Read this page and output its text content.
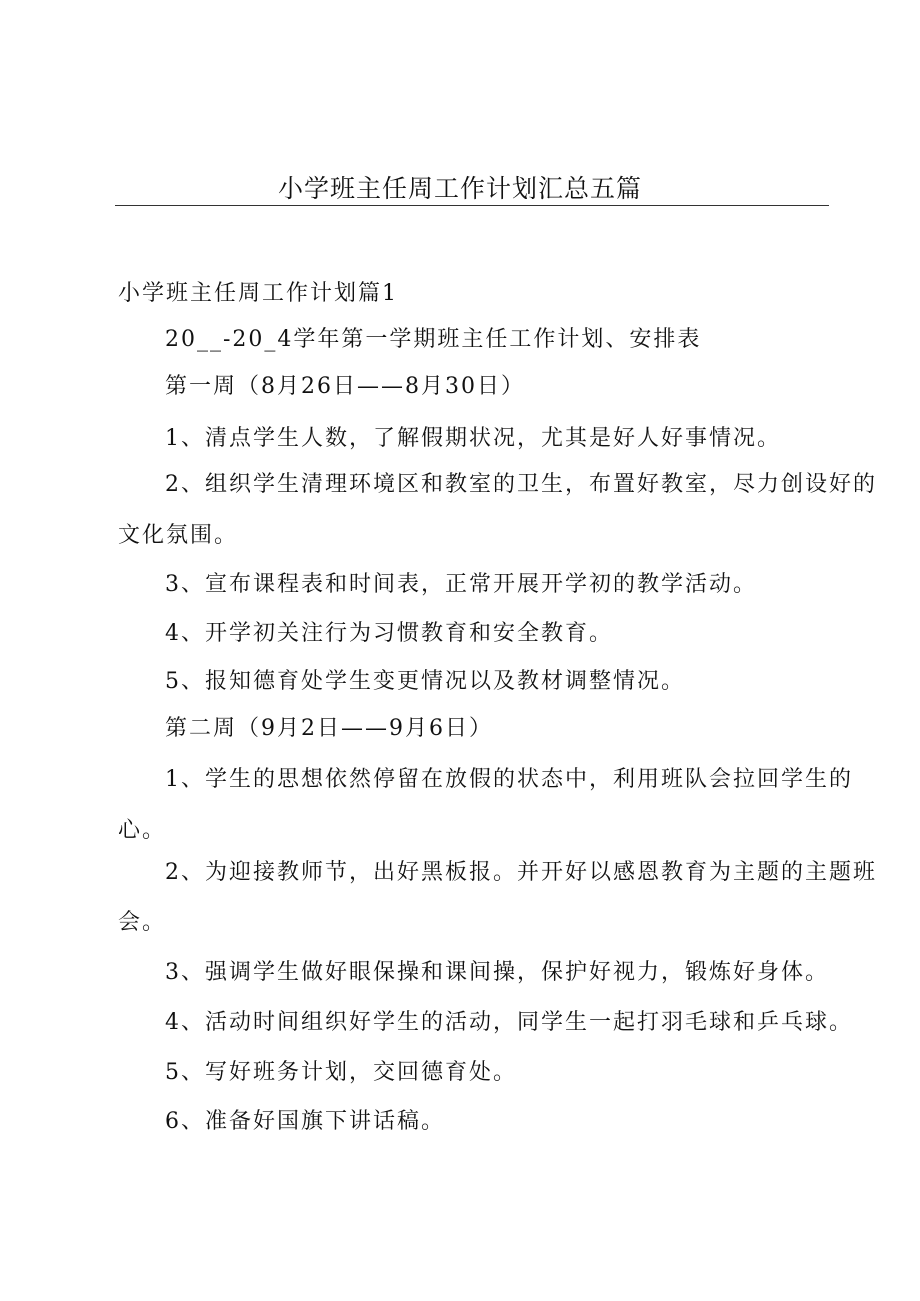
小学班主任周工作计划汇总五篇
小学班主任周工作计划篇1
20__-20_4学年第一学期班主任工作计划、安排表
第一周（8月26日——8月30日）
1、清点学生人数，了解假期状况，尤其是好人好事情况。
2、组织学生清理环境区和教室的卫生，布置好教室，尽力创设好的
文化氛围。
3、宣布课程表和时间表，正常开展开学初的教学活动。
4、开学初关注行为习惯教育和安全教育。
5、报知德育处学生变更情况以及教材调整情况。
第二周（9月2日——9月6日）
1、学生的思想依然停留在放假的状态中，利用班队会拉回学生的
心。
2、为迎接教师节，出好黑板报。并开好以感恩教育为主题的主题班
会。
3、强调学生做好眼保操和课间操，保护好视力，锻炼好身体。
4、活动时间组织好学生的活动，同学生一起打羽毛球和乒乓球。
5、写好班务计划，交回德育处。
6、准备好国旗下讲话稿。
